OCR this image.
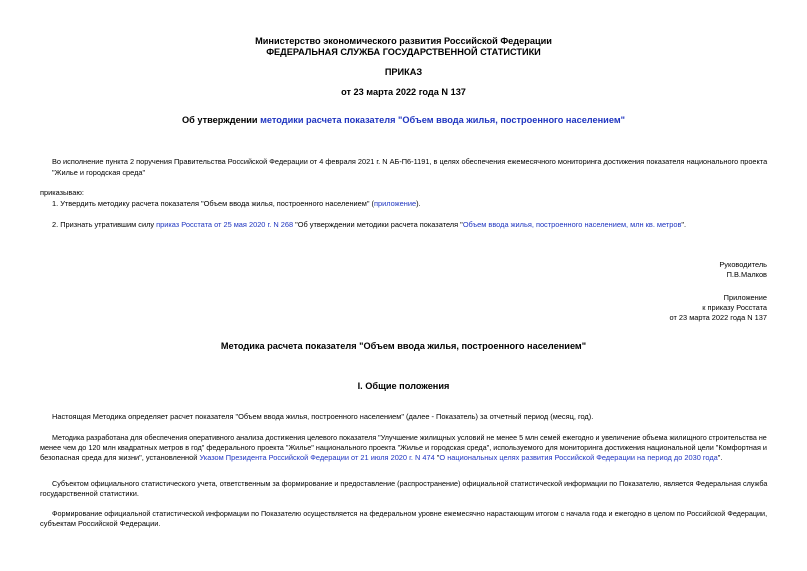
Министерство экономического развития Российской Федерации
ФЕДЕРАЛЬНАЯ СЛУЖБА ГОСУДАРСТВЕННОЙ СТАТИСТИКИ
ПРИКАЗ
от 23 марта 2022 года N 137
Об утверждении методики расчета показателя "Объем ввода жилья, построенного населением"
Во исполнение пункта 2 поручения Правительства Российской Федерации от 4 февраля 2021 г. N АБ-П6-1191, в целях обеспечения ежемесячного мониторинга достижения показателя национального проекта
"Жилье и городская среда"
приказываю:
1. Утвердить методику расчета показателя "Объем ввода жилья, построенного населением" (приложение).
2. Признать утратившим силу приказ Росстата от 25 мая 2020 г. N 268 "Об утверждении методики расчета показателя "Объем ввода жилья, построенного населением, млн кв. метров".
Руководитель
П.В.Малков
Приложение
к приказу Росстата
от 23 марта 2022 года N 137
Методика расчета показателя "Объем ввода жилья, построенного населением"
I. Общие положения
Настоящая Методика определяет расчет показателя "Объем ввода жилья, построенного населением" (далее - Показатель) за отчетный период (месяц, год).
Методика разработана для обеспечения оперативного анализа достижения целевого показателя "Улучшение жилищных условий не менее 5 млн семей ежегодно и увеличение объема жилищного строительства не
менее чем до 120 млн квадратных метров в год" федерального проекта "Жилье" национального проекта "Жилье и городская среда", используемого для мониторинга достижения национальной цели "Комфортная и
безопасная среда для жизни", установленной Указом Президента Российской Федерации от 21 июля 2020 г. N 474 "О национальных целях развития Российской Федерации на период до 2030 года".
Субъектом официального статистического учета, ответственным за формирование и предоставление (распространение) официальной статистической информации по Показателю, является Федеральная служба
государственной статистики.
Формирование официальной статистической информации по Показателю осуществляется на федеральном уровне ежемесячно нарастающим итогом с начала года и ежегодно в целом по Российской Федерации,
субъектам Российской Федерации.
